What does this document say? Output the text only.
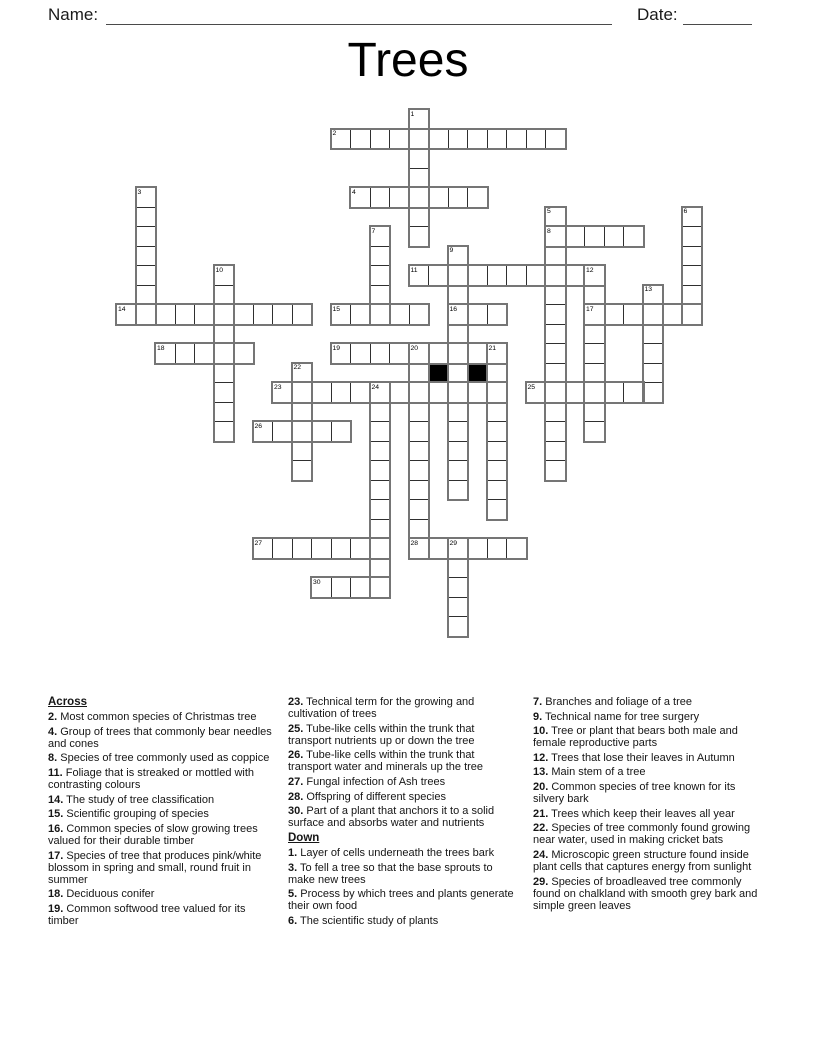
Name:	Date:
Trees
2
4
8
11
14	15	16	17
18	19
23	25
26
27	28
30
1
3
5	6
7
9
10	12
13
20	21
22
24
29
Across

2. Most common species of Christmas tree

4. Group of trees that commonly bear needles and cones

8. Species of tree commonly used as coppice

11. Foliage that is streaked or mottled with contrasting colours

14. The study of tree classification

15. Scientific grouping of species

16. Common species of slow growing trees valued for their durable timber

17. Species of tree that produces pink/white blossom in spring and small, round fruit in summer

18. Deciduous conifer

19. Common softwood tree valued for its timber

23. Technical term for the growing and cultivation of trees

25. Tube-like cells within the trunk that transport nutrients up or down the tree

26. Tube-like cells within the trunk that transport water and minerals up the tree

27. Fungal infection of Ash trees

28. Offspring of different species

30. Part of a plant that anchors it to a solid surface and absorbs water and nutrients

Down

1. Layer of cells underneath the trees bark

3. To fell a tree so that the base sprouts to make new trees

5. Process by which trees and plants generate their own food

6. The scientific study of plants

7. Branches and foliage of a tree

9. Technical name for tree surgery

10. Tree or plant that bears both male and female reproductive parts

12. Trees that lose their leaves in Autumn

13. Main stem of a tree

20. Common species of tree known for its silvery bark

21. Trees which keep their leaves all year

22. Species of tree commonly found growing near water, used in making cricket bats

24. Microscopic green structure found inside plant cells that captures energy from sunlight

29. Species of broadleaved tree commonly found on chalkland with smooth grey bark and simple green leaves
